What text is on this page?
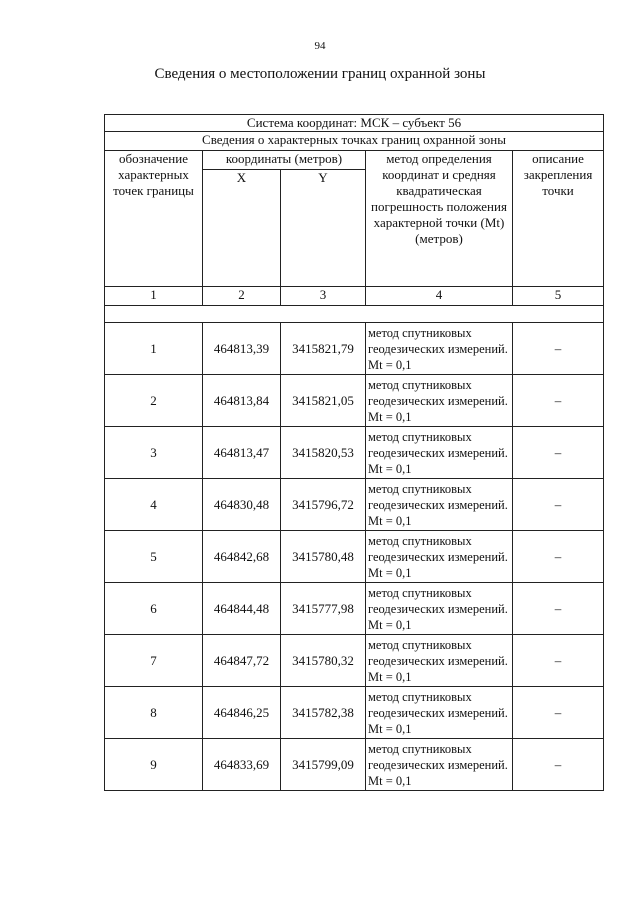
94
Сведения о местоположении границ охранной зоны
Система координат: МСК – субъект 56				
Сведения о характерных точках границ охранной зоны				
обозначение характерных точек границы	координаты (метров)		метод определения координат и средняя квадратическая погрешность положения характерной точки (Mt) (метров)	описание закрепления точки
	X	Y		
1	2	3	4	5

1	464813,39	3415821,79	метод спутниковых геодезических измерений. Mt = 0,1	–
2	464813,84	3415821,05	метод спутниковых геодезических измерений. Mt = 0,1	–
3	464813,47	3415820,53	метод спутниковых геодезических измерений. Mt = 0,1	–
4	464830,48	3415796,72	метод спутниковых геодезических измерений. Mt = 0,1	–
5	464842,68	3415780,48	метод спутниковых геодезических измерений. Mt = 0,1	–
6	464844,48	3415777,98	метод спутниковых геодезических измерений. Mt = 0,1	–
7	464847,72	3415780,32	метод спутниковых геодезических измерений. Mt = 0,1	–
8	464846,25	3415782,38	метод спутниковых геодезических измерений. Mt = 0,1	–
9	464833,69	3415799,09	метод спутниковых геодезических измерений. Mt = 0,1	–
